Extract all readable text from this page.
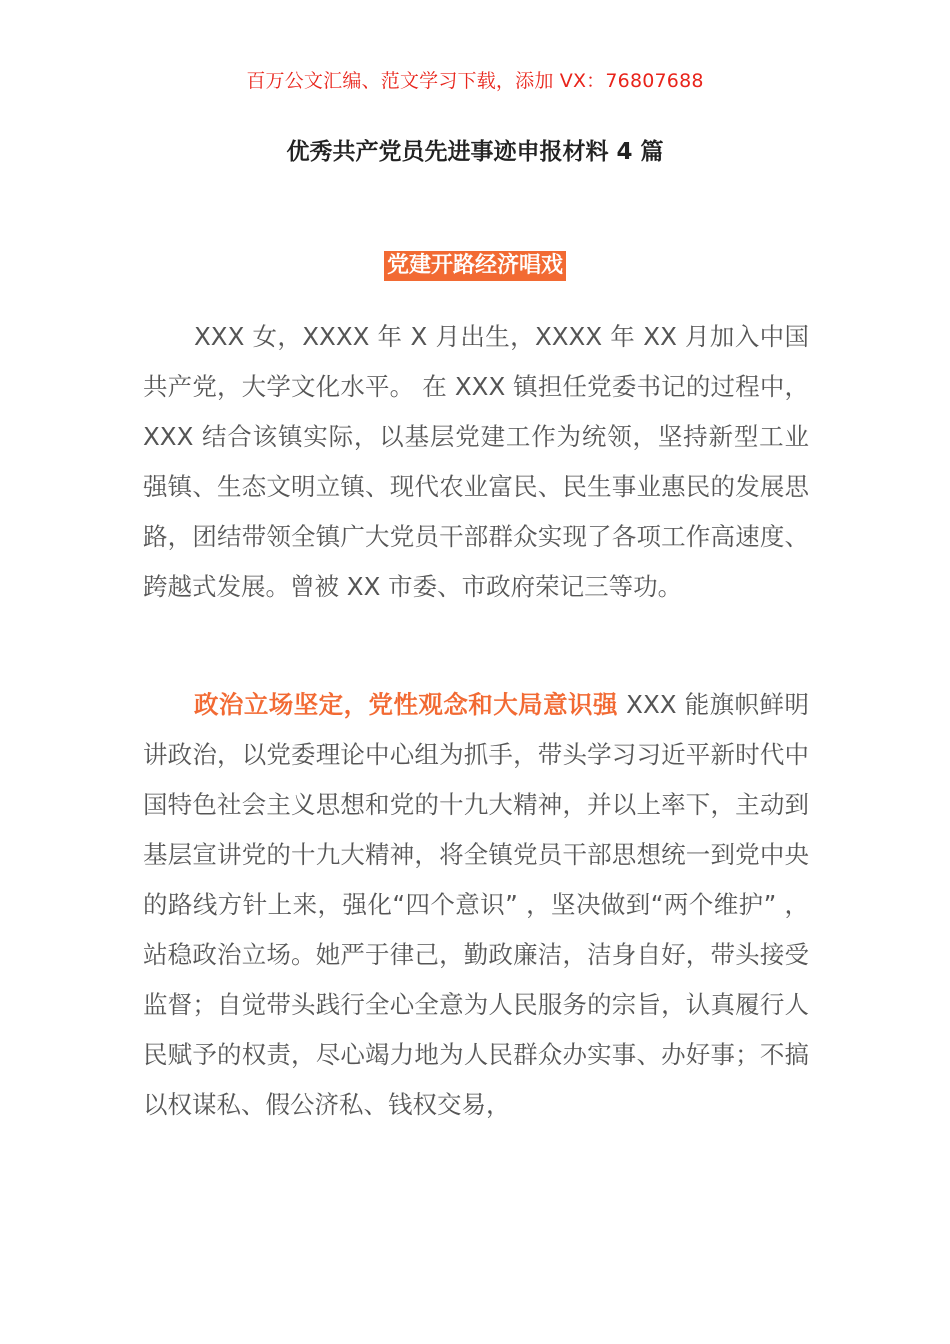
百万公文汇编、范文学习下载，添加 VX：76807688
优秀共产党员先进事迹申报材料 4 篇
党建开路经济唱戏

XXX 女，XXXX 年 X 月出生，XXXX 年 XX 月加入中国共产党，大学文化水平。 在 XXX 镇担任党委书记的过程中，XXX 结合该镇实际，以基层党建工作为统领，坚持新型工业强镇、生态文明立镇、现代农业富民、民生事业惠民的发展思路，团结带领全镇广大党员干部群众实现了各项工作高速度、跨越式发展。曾被 XX 市委、市政府荣记三等功。

政治立场坚定，党性观念和大局意识强 XXX 能旗帜鲜明讲政治，以党委理论中心组为抓手，带头学习习近平新时代中国特色社会主义思想和党的十九大精神，并以上率下，主动到基层宣讲党的十九大精神，将全镇党员干部思想统一到党中央的路线方针上来，强化“四个意识” ，坚决做到“两个维护” ，站稳政治立场。她严于律己，勤政廉洁，洁身自好，带头接受监督；自觉带头践行全心全意为人民服务的宗旨，认真履行人民赋予的权责，尽心竭力地为人民群众办实事、办好事；不搞以权谋私、假公济私、钱权交易，
